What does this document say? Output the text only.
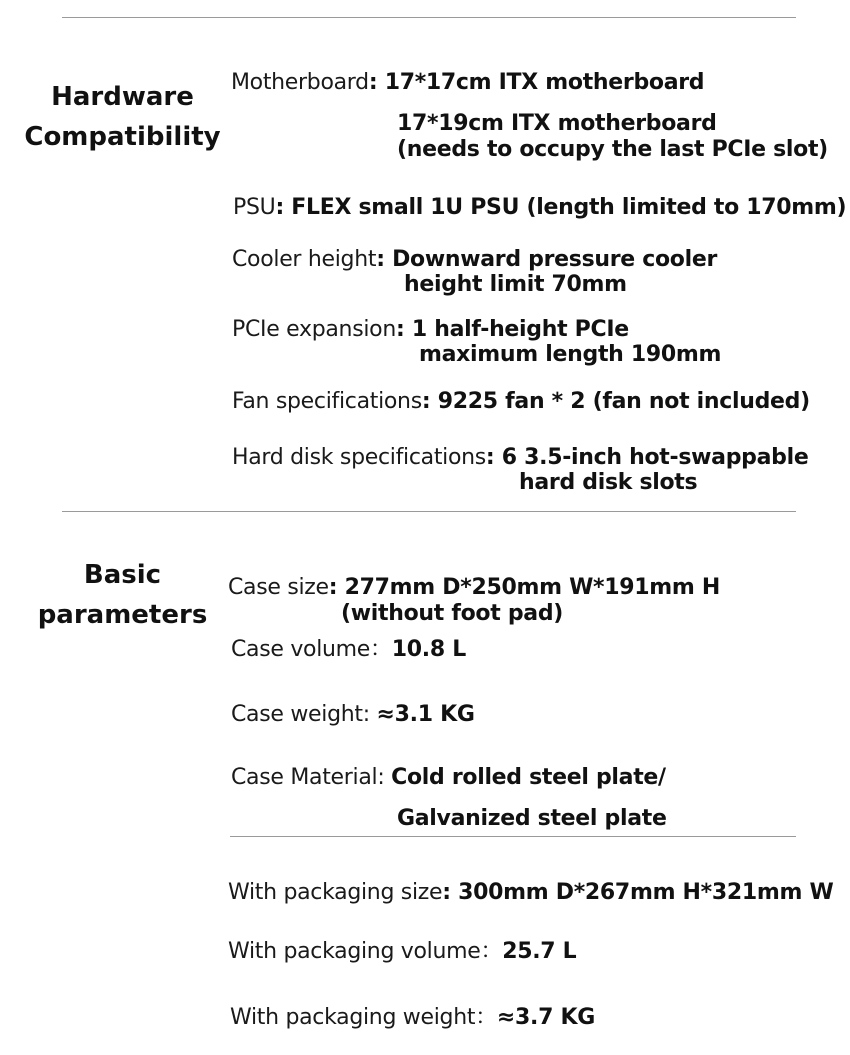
Hardware
Compatibility
Motherboard: 17*17cm ITX motherboard
17*19cm ITX motherboard
(needs to occupy the last PCIe slot)
PSU: FLEX small 1U PSU (length limited to 170mm)
Cooler height: Downward pressure cooler
height limit 70mm
PCIe expansion: 1 half-height PCIe
maximum length 190mm
Fan specifications: 9225 fan * 2 (fan not included)
Hard disk specifications: 6 3.5-inch hot-swappable
hard disk slots
Basic
parameters
Case size: 277mm D*250mm W*191mm H
(without foot pad)
Case volume：10.8 L
Case weight: ≈3.1 KG
Case Material: Cold rolled steel plate/
Galvanized steel plate
With packaging size: 300mm D*267mm H*321mm W
With packaging volume：25.7 L
With packaging weight：≈3.7 KG
